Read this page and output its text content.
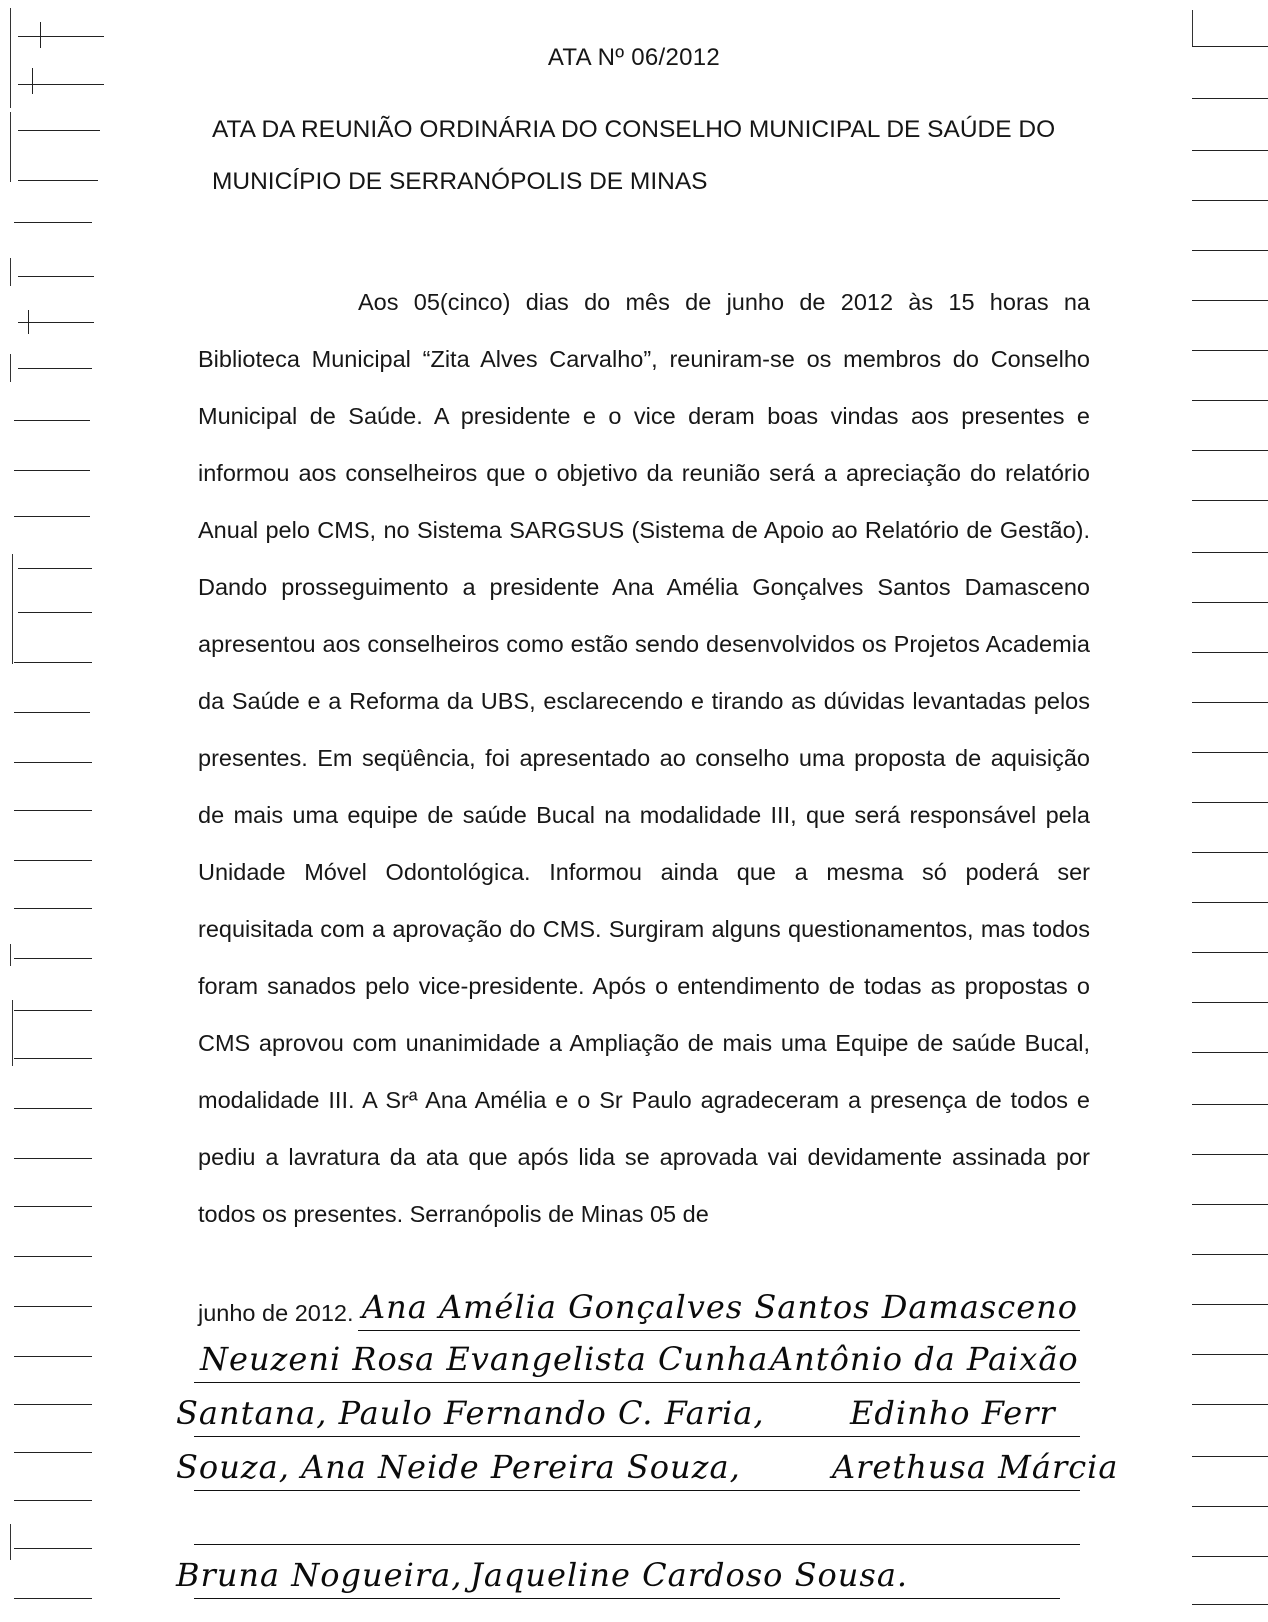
ATA Nº 06/2012
ATA DA REUNIÃO ORDINÁRIA DO CONSELHO MUNICIPAL DE SAÚDE DO MUNICÍPIO DE SERRANÓPOLIS DE MINAS
Aos 05(cinco) dias do mês de junho de 2012 às 15 horas na Biblioteca Municipal “Zita Alves Carvalho”, reuniram-se os membros do Conselho Municipal de Saúde. A presidente e o vice deram boas vindas aos presentes e informou aos conselheiros que o objetivo da reunião será a apreciação do relatório Anual pelo CMS, no Sistema SARGSUS (Sistema de Apoio ao Relatório de Gestão). Dando prosseguimento a presidente Ana Amélia Gonçalves Santos Damasceno apresentou aos conselheiros como estão sendo desenvolvidos os Projetos Academia da Saúde e a Reforma da UBS, esclarecendo e tirando as dúvidas levantadas pelos presentes. Em seqüência, foi apresentado ao conselho uma proposta de aquisição de mais uma equipe de saúde Bucal na modalidade III, que será responsável pela Unidade Móvel Odontológica. Informou ainda que a mesma só poderá ser requisitada com a aprovação do CMS. Surgiram alguns questionamentos, mas todos foram sanados pelo vice-presidente. Após o entendimento de todas as propostas o CMS aprovou com unanimidade a Ampliação de mais uma Equipe de saúde Bucal, modalidade III. A Srª Ana Amélia e o Sr Paulo agradeceram a presença de todos e pediu a lavratura da ata que após lida se aprovada vai devidamente assinada por todos os presentes. Serranópolis de Minas 05 de
junho de 2012. Ana Amélia Gonçalves Santos Damasceno
Neuzeni Rosa Evangelista Cunha Antônio da Paixão
Santana, Paulo Fernando C. Faria,	Edinho Ferr
Souza, Ana Neide Pereira Souza,	Arethusa Márcia
Bruna Nogueira, Jaqueline Cardoso Sousa.
